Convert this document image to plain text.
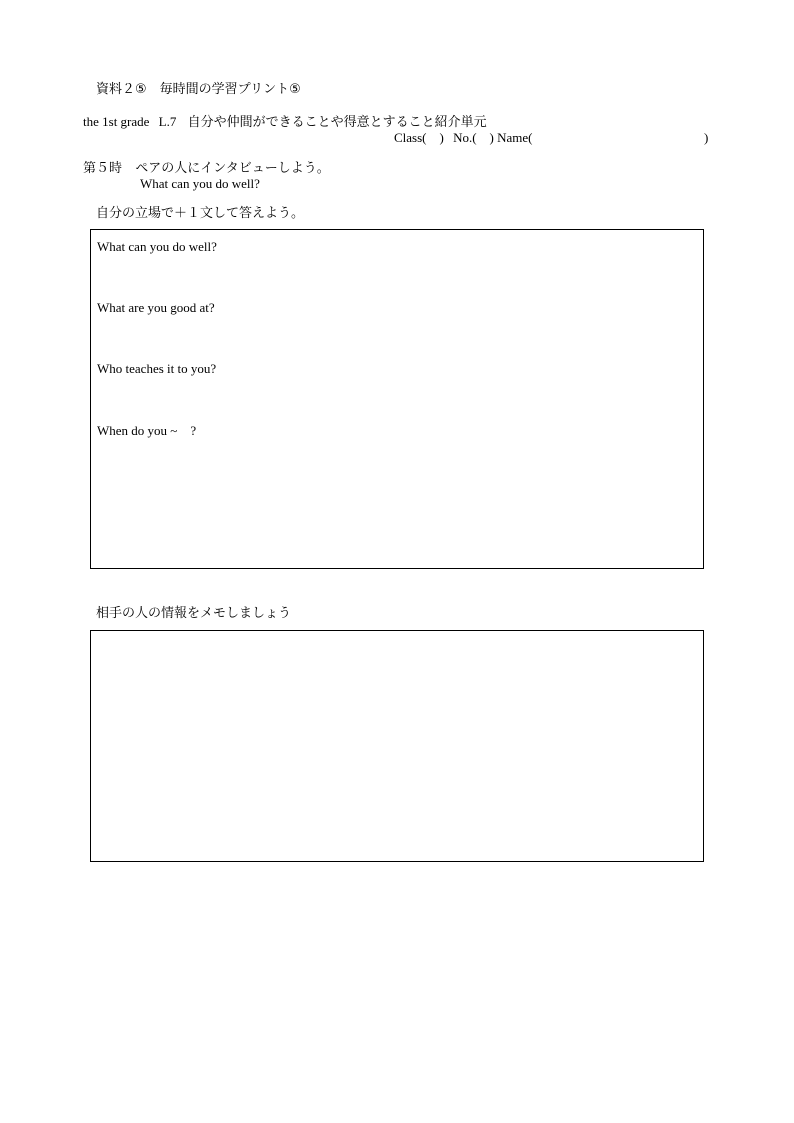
資料２⑤　毎時間の学習プリント⑤
the 1st grade L.7 自分や仲間ができることや得意とすること紹介単元
Class(　) No.(　) Name(	)
第５時 ペアの人にインタビューしよう。
What can you do well?
自分の立場で＋１文して答えよう。
What can you do well?
What are you good at?
Who teaches it to you?
When do you ~　?
相手の人の情報をメモしましょう
